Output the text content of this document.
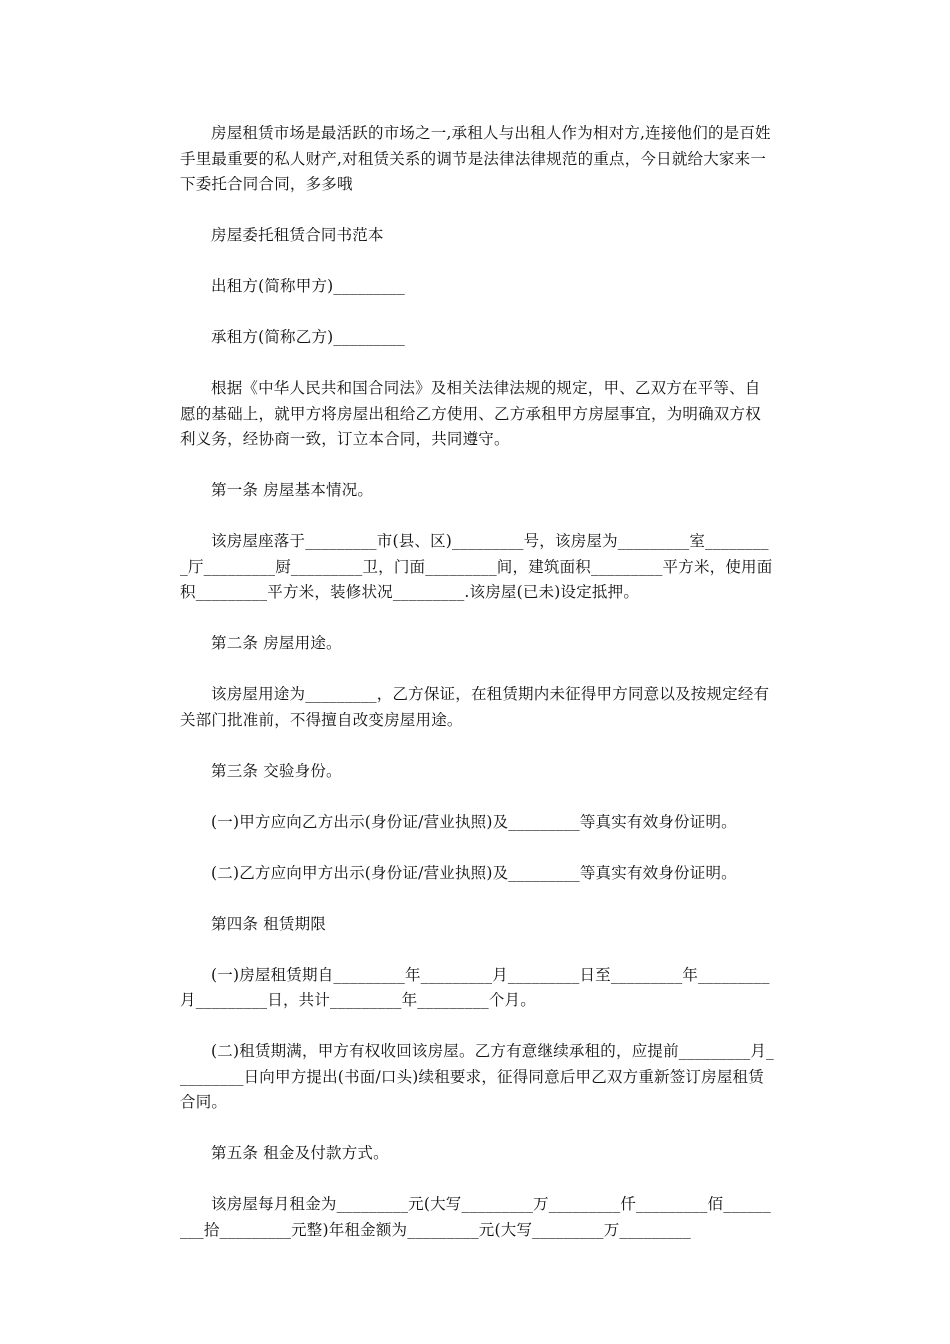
房屋租赁市场是最活跃的市场之一,承租人与出租人作为相对方,连接他们的是百姓手里最重要的私人财产,对租赁关系的调节是法律法律规范的重点，今日就给大家来一下委托合同合同，多多哦

房屋委托租赁合同书范本

出租方(简称甲方)_________

承租方(简称乙方)_________

根据《中华人民共和国合同法》及相关法律法规的规定，甲、乙双方在平等、自愿的基础上，就甲方将房屋出租给乙方使用、乙方承租甲方房屋事宜，为明确双方权利义务，经协商一致，订立本合同，共同遵守。

第一条 房屋基本情况。

该房屋座落于_________市(县、区)_________号，该房屋为_________室_________厅_________厨_________卫，门面_________间，建筑面积_________平方米，使用面积_________平方米，装修状况_________.该房屋(已未)设定抵押。

第二条 房屋用途。

该房屋用途为_________，乙方保证，在租赁期内未征得甲方同意以及按规定经有关部门批准前，不得擅自改变房屋用途。

第三条 交验身份。

(一)甲方应向乙方出示(身份证/营业执照)及_________等真实有效身份证明。

(二)乙方应向甲方出示(身份证/营业执照)及_________等真实有效身份证明。

第四条 租赁期限

(一)房屋租赁期自_________年_________月_________日至_________年_________月_________日，共计_________年_________个月。

(二)租赁期满，甲方有权收回该房屋。乙方有意继续承租的，应提前_________月_________日向甲方提出(书面/口头)续租要求，征得同意后甲乙双方重新签订房屋租赁合同。

第五条 租金及付款方式。

该房屋每月租金为_________元(大写_________万_________仟_________佰_________拾_________元整)年租金额为_________元(大写_________万_________
